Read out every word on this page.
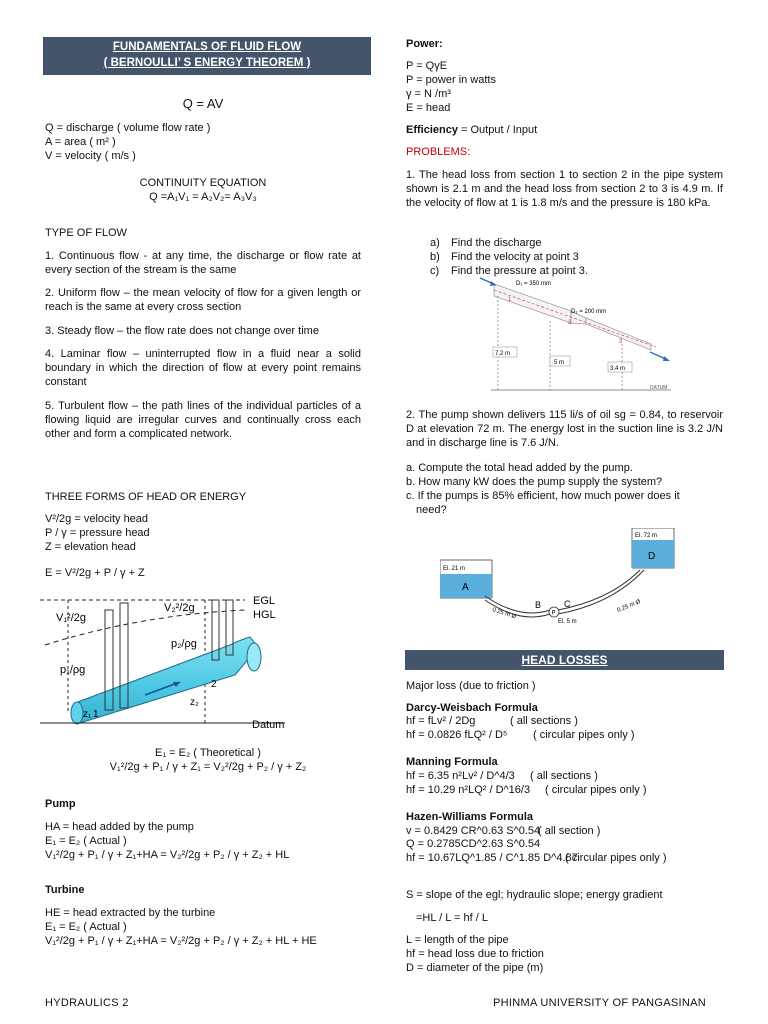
FUNDAMENTALS OF FLUID FLOW
( BERNOULLI’ S ENERGY THEOREM )
Q = AV

Q = discharge ( volume flow rate )

A = area ( m² )

V = velocity ( m/s )

CONTINUITY EQUATION

Q =A₁V₁ = A₂V₂= A₃V₃

TYPE OF FLOW
1. Continuous flow - at any time, the discharge or flow rate at every section of the stream is the same
2. Uniform flow – the mean velocity of flow for a given length or reach is the same at every cross section
3. Steady flow – the flow rate does not change over time
4. Laminar flow – uninterrupted flow in a fluid near a solid boundary in which the direction of flow at every point remains constant
5. Turbulent flow – the path lines of the individual particles of a flowing liquid are irregular curves and continually cross each other and form a complicated network.
THREE FORMS OF HEAD OR ENERGY

V²/2g = velocity head

P / γ = pressure head

Z = elevation head

E = V²/2g + P / γ + Z
EGL
HGL
V₁²/2g
V₂²/2g
p₁/ρg
p₂/ρg
z₁
z₂
1
2
Datum

E₁ = E₂ ( Theoretical )

V₁²/2g + P₁ / γ + Z₁ = V₂²/2g + P₂ / γ + Z₂

Pump

HA = head added by the pump

E₁ = E₂ ( Actual )

V₁²/2g + P₁ / γ + Z₁+HA = V₂²/2g + P₂ / γ + Z₂ + HL

Turbine

HE = head extracted by the turbine

E₁ = E₂ ( Actual )

V₁²/2g + P₁ / γ + Z₁+HA = V₂²/2g + P₂ / γ + Z₂ + HL + HE

Power:

P = QγE

P = power in watts

γ = N /m³

E = head

Efficiency = Output / Input
PROBLEMS:
1. The head loss from section 1 to section 2 in the pipe system shown is 2.1 m and the head loss from section 2 to 3 is 4.9 m. If the velocity of flow at 1 is 1.8 m/s and the pressure is 180 kPa.

a) Find the discharge

b) Find the velocity at point 3

c) Find the pressure at point 3.

DATUM
D₁ = 350 mm
D₂ = 200 mm
1
2
3
7.2 m
5 m
3.4 m
2. The pump shown delivers 115 li/s of oil sg = 0.84, to reservoir D at elevation 72 m. The energy lost in the suction line is 3.2 J/N and in discharge line is 7.6 J/N.

a. Compute the total head added by the pump.

b. How many kW does the pump supply the system?

c. If the pumps is 85% efficient, how much power does it

need?

El. 21 m
A
El. 72 m
D
P
B	C
El. 5 m
0.25 m Ø
0.25 m Ø
HEAD LOSSES
Major loss (due to friction )
Darcy-Weisbach Formula
hf = fLv² / 2Dg	( all sections )
hf = 0.0826 fLQ² / D⁵ ( circular pipes only )
Manning Formula
hf = 6.35 n²Lv² / D^4/3 ( all sections )
hf = 10.29 n²LQ² / D^16/3 ( circular pipes only )
Hazen-Williams Formula
v = 0.8429 CR^0.63 S^0.54
( all section )
Q = 0.2785CD^2.63 S^0.54
hf = 10.67LQ^1.85 / C^1.85 D^4.87
( circular pipes only )
S = slope of the egl; hydraulic slope; energy gradient
=HL / L = hf / L

L = length of the pipe

hf = head loss due to friction

D = diameter of the pipe (m)

HYDRAULICS 2	PHINMA UNIVERSITY OF PANGASINAN
